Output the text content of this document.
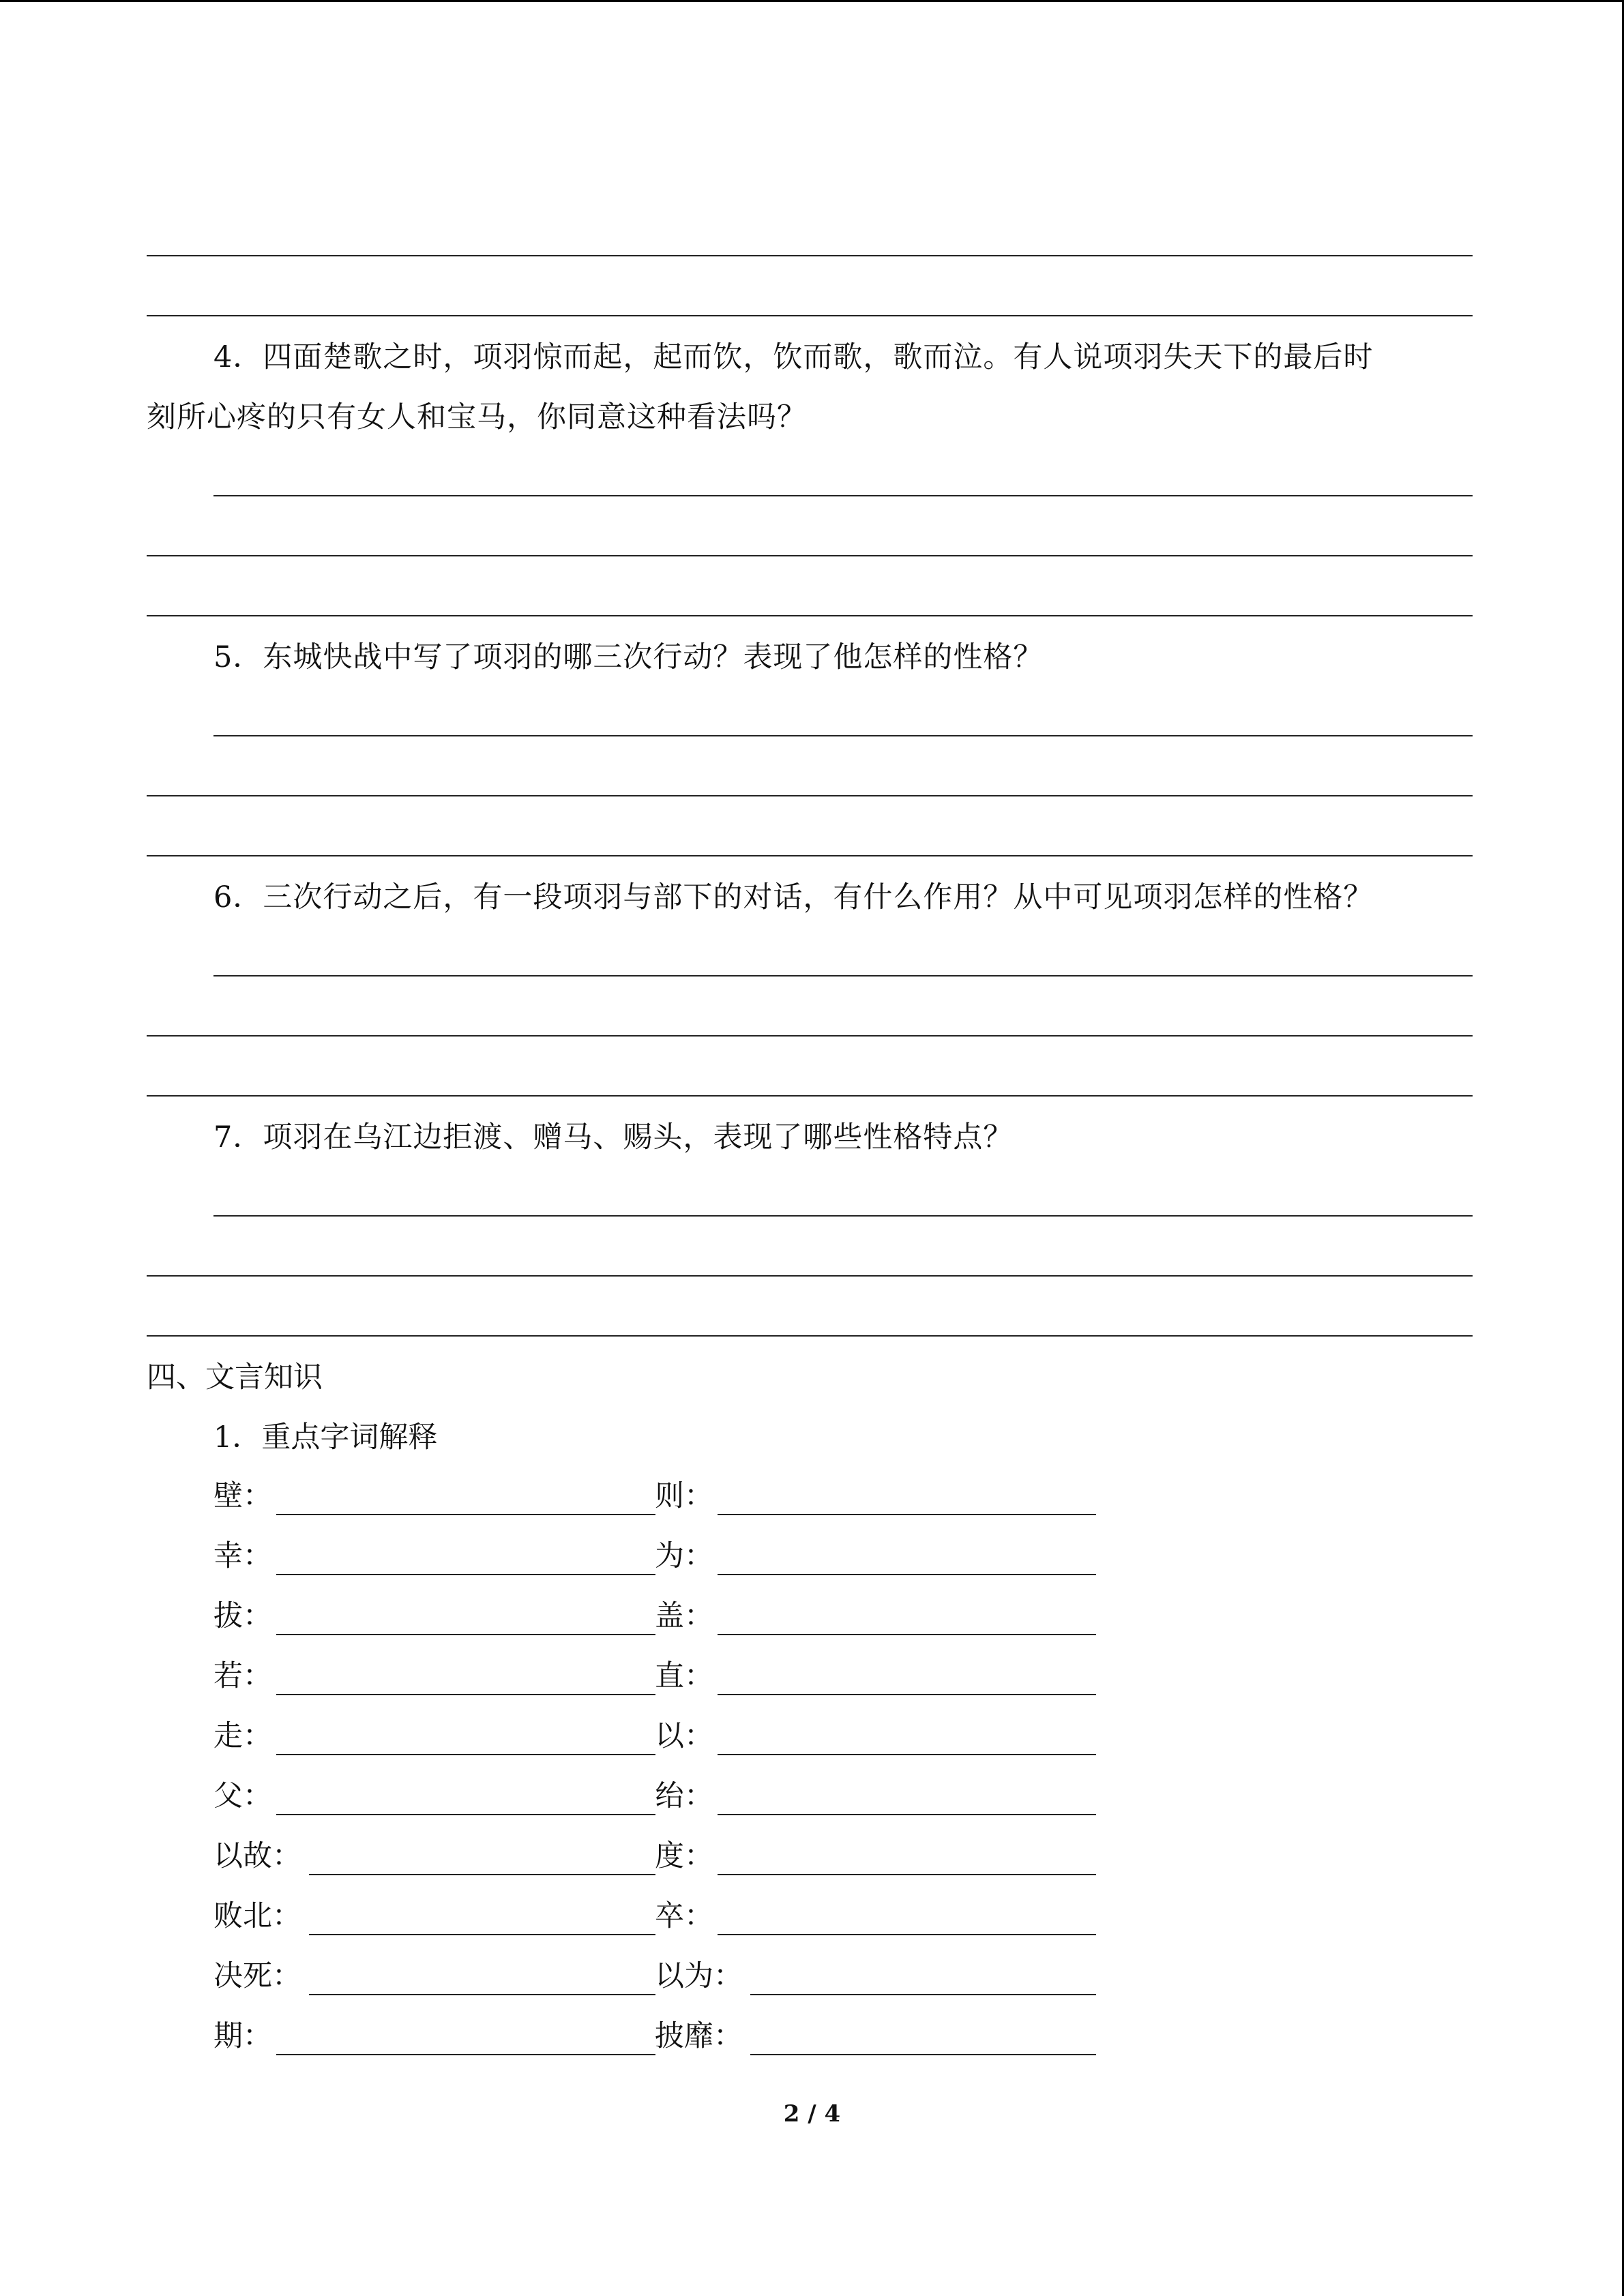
4．四面楚歌之时，项羽惊而起，起而饮，饮而歌，歌而泣。有人说项羽失天下的最后时
刻所心疼的只有女人和宝马，你同意这种看法吗？
5．东城快战中写了项羽的哪三次行动？表现了他怎样的性格？
6．三次行动之后，有一段项羽与部下的对话，有什么作用？从中可见项羽怎样的性格？
7．项羽在乌江边拒渡、赠马、赐头，表现了哪些性格特点？
四、文言知识
1．重点字词解释
壁：	则：
幸：	为：
拔：	盖：
若：	直：
走：	以：
父：	绐：
以故：	度：
败北：	卒：
决死：	以为：
期：	披靡：
2 / 4
